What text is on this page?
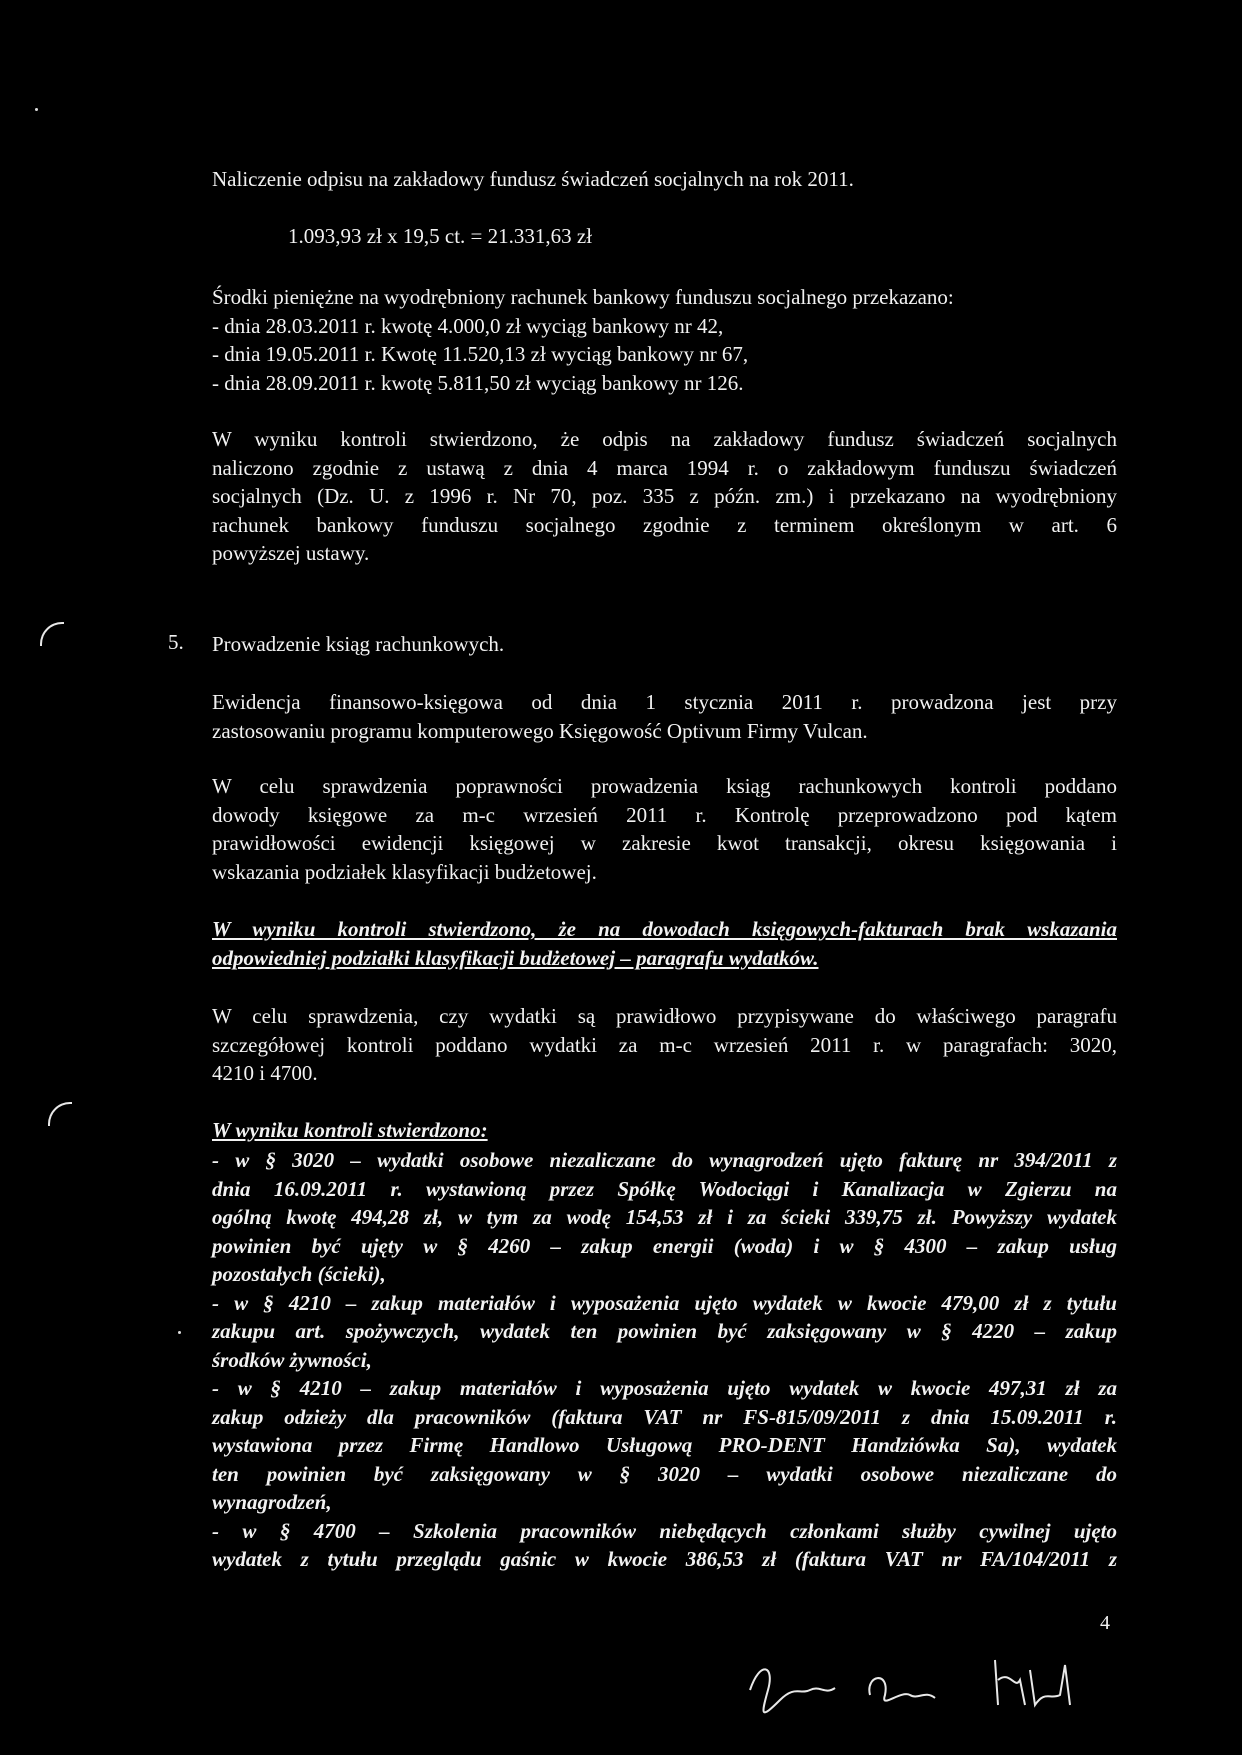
Naliczenie odpisu na zakładowy fundusz świadczeń socjalnych na rok 2011.
1.093,93 zł x 19,5 ct. = 21.331,63 zł
Środki pieniężne na wyodrębniony rachunek bankowy funduszu socjalnego przekazano:
- dnia 28.03.2011 r. kwotę 4.000,0 zł wyciąg bankowy nr 42,
- dnia 19.05.2011 r. Kwotę 11.520,13 zł wyciąg bankowy nr 67,
- dnia 28.09.2011 r. kwotę 5.811,50 zł wyciąg bankowy nr 126.
W wyniku kontroli stwierdzono, że odpis na zakładowy fundusz świadczeń socjalnych
naliczono zgodnie z ustawą z dnia 4 marca 1994 r. o zakładowym funduszu świadczeń
socjalnych (Dz. U. z 1996 r. Nr 70, poz. 335 z późn. zm.) i przekazano na wyodrębniony
rachunek bankowy funduszu socjalnego zgodnie z terminem określonym w art. 6
powyższej ustawy.
5. Prowadzenie ksiąg rachunkowych.
Ewidencja finansowo-księgowa od dnia 1 stycznia 2011 r. prowadzona jest przy
zastosowaniu programu komputerowego Księgowość Optivum Firmy Vulcan.
W celu sprawdzenia poprawności prowadzenia ksiąg rachunkowych kontroli poddano
dowody księgowe za m-c wrzesień 2011 r. Kontrolę przeprowadzono pod kątem
prawidłowości ewidencji księgowej w zakresie kwot transakcji, okresu księgowania i
wskazania podziałek klasyfikacji budżetowej.
W wyniku kontroli stwierdzono, że na dowodach księgowych-fakturach brak wskazania
odpowiedniej podziałki klasyfikacji budżetowej – paragrafu wydatków.
W celu sprawdzenia, czy wydatki są prawidłowo przypisywane do właściwego paragrafu
szczegółowej kontroli poddano wydatki za m-c wrzesień 2011 r. w paragrafach: 3020,
4210 i 4700.
W wyniku kontroli stwierdzono:
- w § 3020 – wydatki osobowe niezaliczane do wynagrodzeń ujęto fakturę nr 394/2011 z
dnia 16.09.2011 r. wystawioną przez Spółkę Wodociągi i Kanalizacja w Zgierzu na
ogólną kwotę 494,28 zł, w tym za wodę 154,53 zł i za ścieki 339,75 zł. Powyższy wydatek
powinien być ujęty w § 4260 – zakup energii (woda) i w § 4300 – zakup usług
pozostałych (ścieki),
- w § 4210 – zakup materiałów i wyposażenia ujęto wydatek w kwocie 479,00 zł z tytułu
zakupu art. spożywczych, wydatek ten powinien być zaksięgowany w § 4220 – zakup
środków żywności,
- w § 4210 – zakup materiałów i wyposażenia ujęto wydatek w kwocie 497,31 zł za
zakup odzieży dla pracowników (faktura VAT nr FS-815/09/2011 z dnia 15.09.2011 r.
wystawiona przez Firmę Handlowo Usługową PRO-DENT Handziówka Sa), wydatek
ten powinien być zaksięgowany w § 3020 – wydatki osobowe niezaliczane do
wynagrodzeń,
- w § 4700 – Szkolenia pracowników niebędących członkami służby cywilnej ujęto
wydatek z tytułu przeglądu gaśnic w kwocie 386,53 zł (faktura VAT nr FA/104/2011 z
4
